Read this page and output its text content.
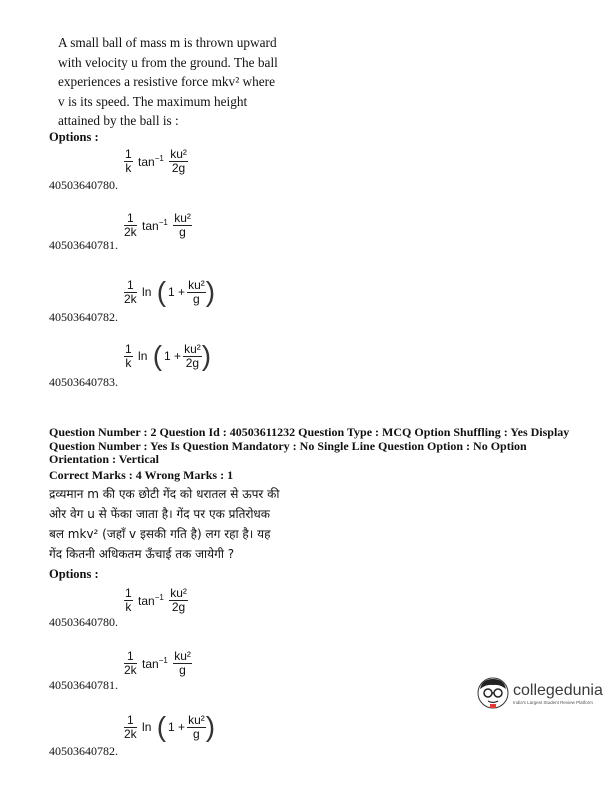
A small ball of mass m is thrown upward
with velocity u from the ground. The ball
experiences a resistive force mkv² where
v is its speed. The maximum height
attained by the ball is :
Options :
$\frac{1}{k} \tan^{-1} \frac{\text{ku²}}{2g}$
40503640780.
$\frac{1}{2k} \tan^{-1} \frac{\text{ku²}}{g}$
40503640781.
$\frac{1}{2k}$ ln ( $1 + \frac{\text{ku²}}{g}$ )
40503640782.
$\frac{1}{k}$ ln ( $1 + \frac{\text{ku²}}{2g}$ )
40503640783.
Question Number : 2 Question Id : 40503611232 Question Type : MCQ Option Shuffling : Yes Display
Question Number : Yes Is Question Mandatory : No Single Line Question Option : No Option
Orientation : Vertical
Correct Marks : 4 Wrong Marks : 1
द्रव्यमान m की एक छोटी गेंद को धरातल से ऊपर की
ओर वेग u से फेंका जाता है। गेंद पर एक प्रतिरोधक
बल mkv² (जहाँ v इसकी गति है) लग रहा है। यह
गेंद कितनी अधिकतम ऊँचाई तक जायेगी ?
Options :
$\frac{1}{k} \tan^{-1} \frac{\text{ku²}}{2g}$
40503640780.
$\frac{1}{2k} \tan^{-1} \frac{\text{ku²}}{g}$
40503640781.
$\frac{1}{2k}$ ln ( $1 + \frac{\text{ku²}}{g}$ )
40503640782.
collegedunia
India's Largest Student Review Platform
